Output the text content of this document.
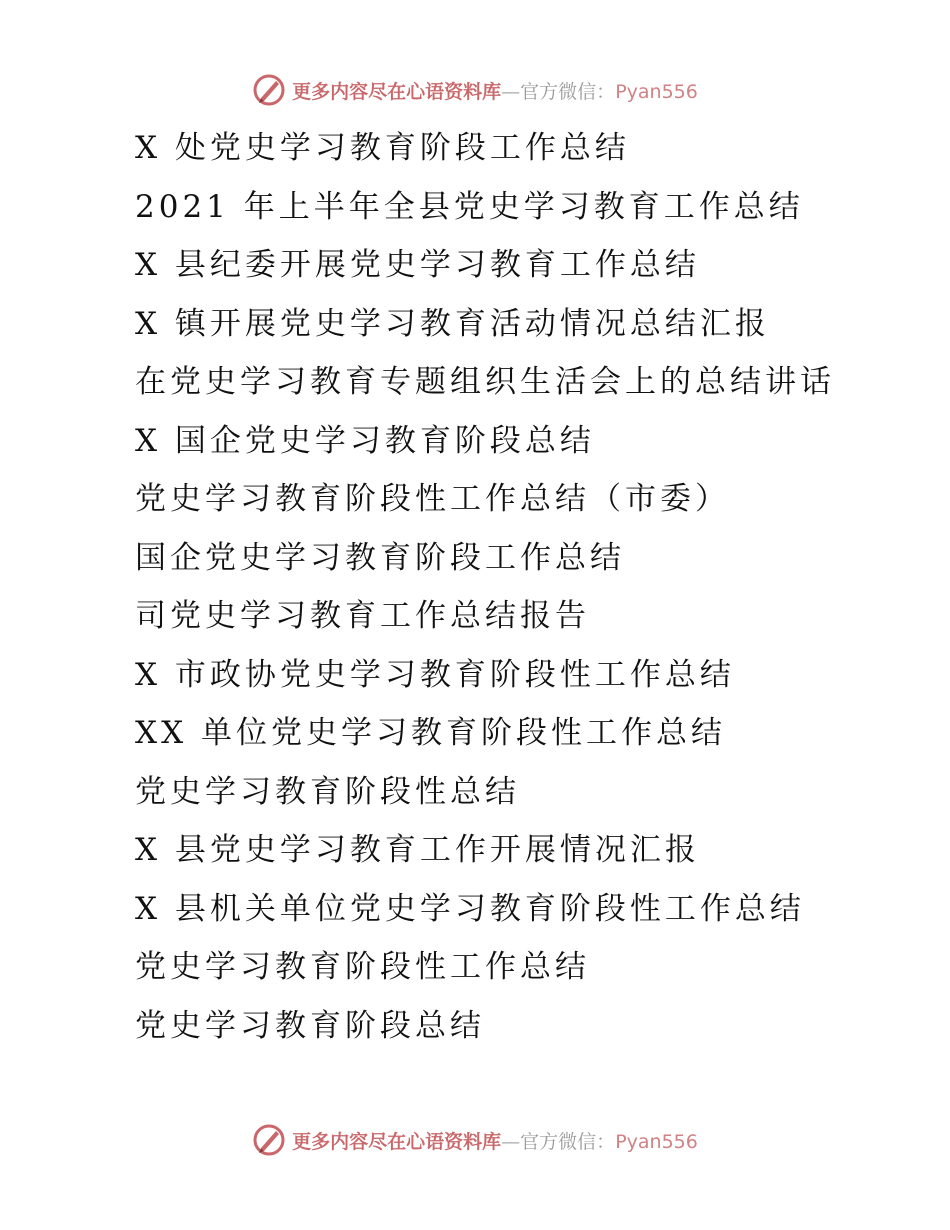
更多内容尽在心语资料库—官方微信：Pyan556
X 处党史学习教育阶段工作总结
2021 年上半年全县党史学习教育工作总结
X 县纪委开展党史学习教育工作总结
X 镇开展党史学习教育活动情况总结汇报
在党史学习教育专题组织生活会上的总结讲话
X 国企党史学习教育阶段总结
党史学习教育阶段性工作总结（市委）
国企党史学习教育阶段工作总结
司党史学习教育工作总结报告
X 市政协党史学习教育阶段性工作总结
XX 单位党史学习教育阶段性工作总结
党史学习教育阶段性总结
X 县党史学习教育工作开展情况汇报
X 县机关单位党史学习教育阶段性工作总结
党史学习教育阶段性工作总结
党史学习教育阶段总结
更多内容尽在心语资料库—官方微信：Pyan556
